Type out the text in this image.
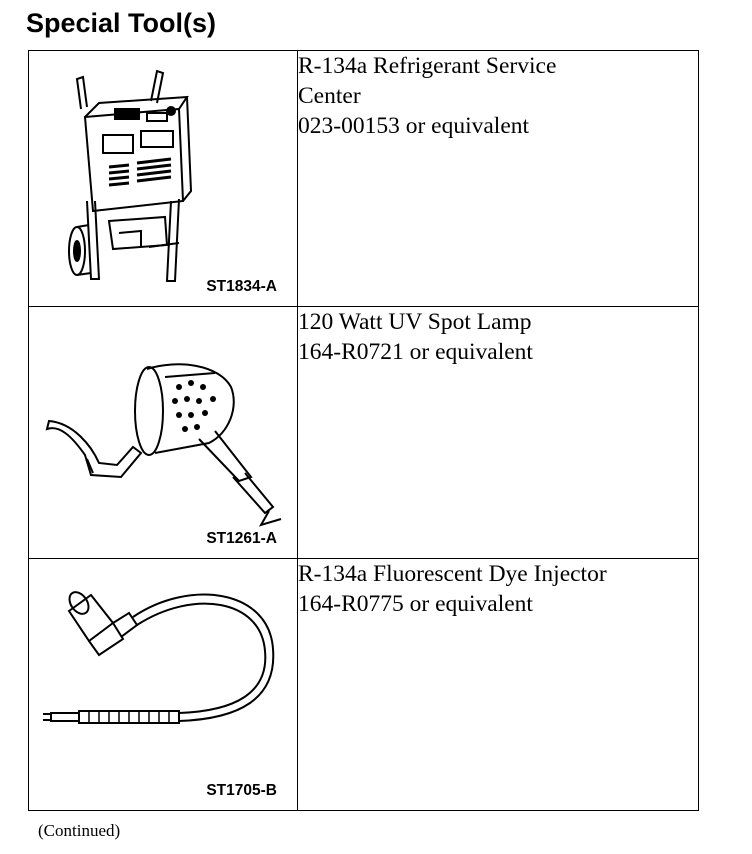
Special Tool(s)
ST1834-A	R-134a Refrigerant Service
Center
023-00153 or equivalent

ST1261-A	120 Watt UV Spot Lamp
164-R0721 or equivalent

ST1705-B	R-134a Fluorescent Dye Injector
164-R0775 or equivalent
(Continued)
